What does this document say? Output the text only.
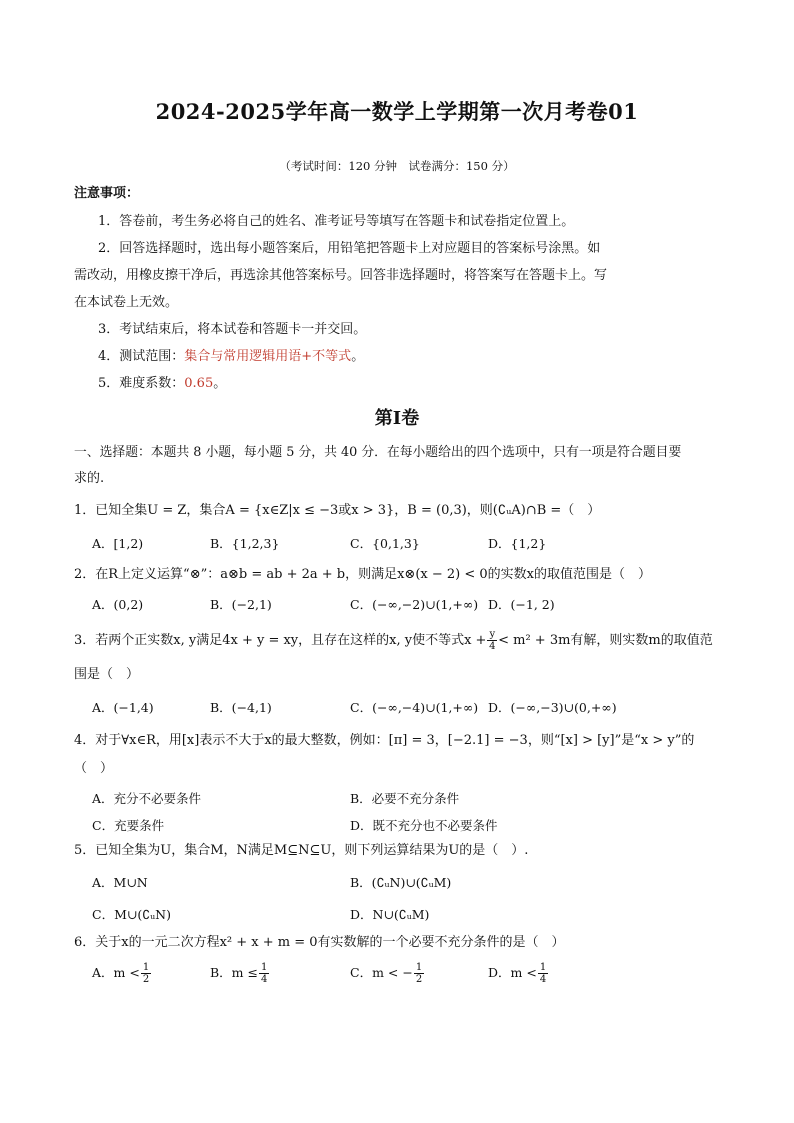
2024-2025学年高一数学上学期第一次月考卷01
（考试时间：120 分钟　试卷满分：150 分）
注意事项：
1．答卷前，考生务必将自己的姓名、准考证号等填写在答题卡和试卷指定位置上。
2．回答选择题时，选出每小题答案后，用铅笔把答题卡上对应题目的答案标号涂黑。如
需改动，用橡皮擦干净后，再选涂其他答案标号。回答非选择题时，将答案写在答题卡上。写
在本试卷上无效。
3．考试结束后，将本试卷和答题卡一并交回。
4．测试范围：集合与常用逻辑用语+不等式。
5．难度系数：0.65。
第Ⅰ卷
一、选择题：本题共 8 小题，每小题 5 分，共 40 分．在每小题给出的四个选项中，只有一项是符合题目要
求的.
1．已知全集U = Z，集合A = {x∈Z|x ≤ −3或x > 3}，B = (0,3)，则(∁ᵤA)∩B =（　）
A．[1,2)	B．{1,2,3}	C．{0,1,3}	D．{1,2}
2．在R上定义运算“⊗”：a⊗b = ab + 2a + b，则满足x⊗(x − 2) < 0的实数x的取值范围是（　）
A．(0,2)	B．(−2,1)	C．(−∞,−2)∪(1,+∞) D．(−1, 2)
3．若两个正实数x, y满足4x + y = xy，且存在这样的x, y使不等式$x + \frac{y}{4} < m^2 + 3m$有解，则实数m的取值范
围是（　）
A．(−1,4)	B．(−4,1)	C．(−∞,−4)∪(1,+∞) D．(−∞,−3)∪(0,+∞)
4．对于∀x∈R，用[x]表示不大于x的最大整数，例如：[π] = 3，[−2.1] = −3，则“[x] > [y]”是“x > y”的
（　）
A．充分不必要条件	B．必要不充分条件
C．充要条件	D．既不充分也不必要条件
5．已知全集为U，集合M，N满足M⊆N⊆U，则下列运算结果为U的是（　）.
A．M∪N	B．(∁ᵤN)∪(∁ᵤM)
C．M∪(∁ᵤN)	D．N∪(∁ᵤM)
6．关于x的一元二次方程x² + x + m = 0有实数解的一个必要不充分条件的是（　）
A．$m < \frac{1}{2}$	B．$m \le \frac{1}{4}$	C．m < − $\frac{1}{2}$	D．$m < \frac{1}{4}$
